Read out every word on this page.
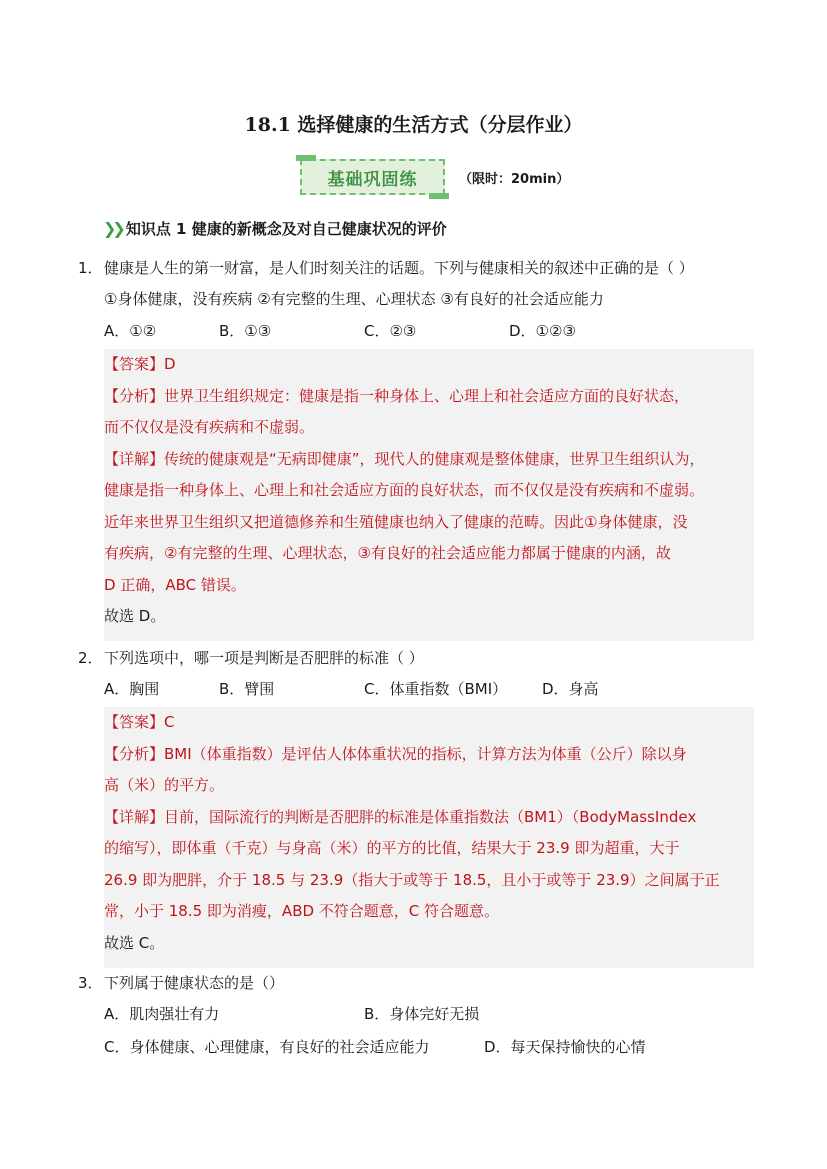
18.1 选择健康的生活方式（分层作业）
基础巩固练	（限时：20min）
❯❯ 知识点 1 健康的新概念及对自己健康状况的评价
1．健康是人生的第一财富，是人们时刻关注的话题。下列与健康相关的叙述中正确的是（ ）
①身体健康，没有疾病 ②有完整的生理、心理状态 ③有良好的社会适应能力
A．①②	B．①③	C．②③	D．①②③

【答案】D

【分析】世界卫生组织规定：健康是指一种身体上、心理上和社会适应方面的良好状态，

而不仅仅是没有疾病和不虚弱。

【详解】传统的健康观是“无病即健康”，现代人的健康观是整体健康，世界卫生组织认为，

健康是指一种身体上、心理上和社会适应方面的良好状态，而不仅仅是没有疾病和不虚弱。

近年来世界卫生组织又把道德修养和生殖健康也纳入了健康的范畴。因此①身体健康，没

有疾病，②有完整的生理、心理状态，③有良好的社会适应能力都属于健康的内涵，故

D 正确，ABC 错误。

故选 D。

2．下列选项中，哪一项是判断是否肥胖的标准（ ）
A．胸围	B．臂围	C．体重指数（BMI） D．身高

【答案】C

【分析】BMI（体重指数）是评估人体体重状况的指标，计算方法为体重（公斤）除以身

高（米）的平方。

【详解】目前，国际流行的判断是否肥胖的标准是体重指数法（BM1）（BodyMassIndex

的缩写），即体重（千克）与身高（米）的平方的比值，结果大于 23.9 即为超重，大于

26.9 即为肥胖，介于 18.5 与 23.9（指大于或等于 18.5，且小于或等于 23.9）之间属于正

常，小于 18.5 即为消瘦，ABD 不符合题意，C 符合题意。

故选 C。

3．下列属于健康状态的是（）
A．肌肉强壮有力	B．身体完好无损
C．身体健康、心理健康，有良好的社会适应能力	D．每天保持愉快的心情
